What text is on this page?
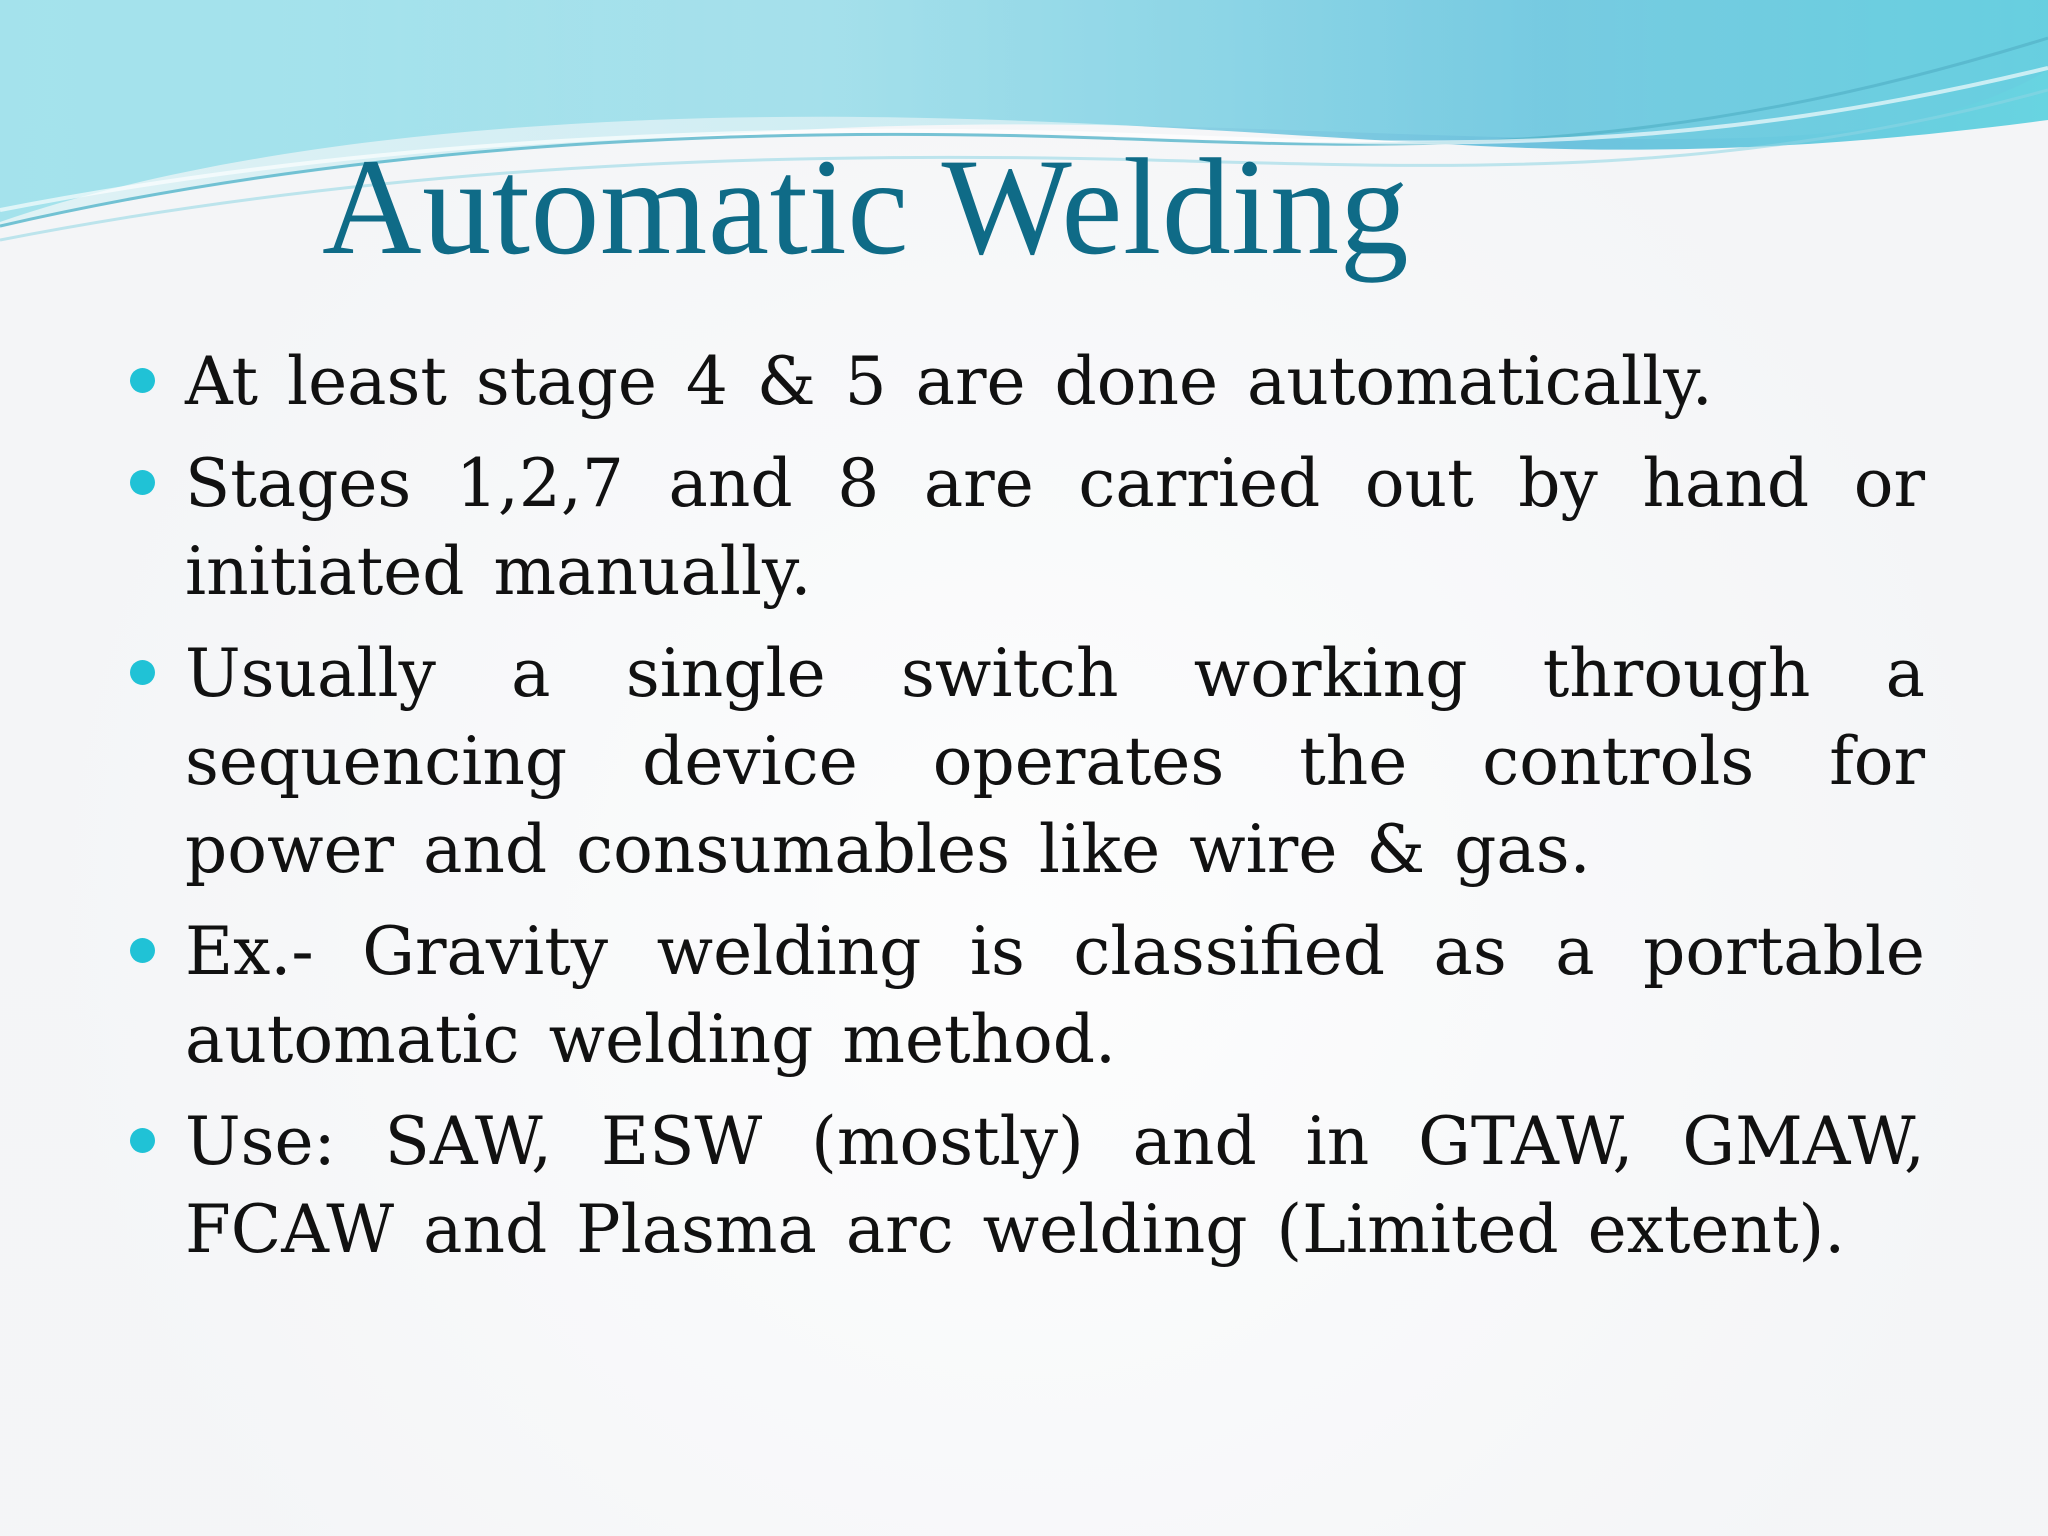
Automatic Welding
At least stage 4 & 5 are done automatically.
Stages 1,2,7 and 8 are carried out by hand or initiated manually.
Usually a single switch working through a sequencing device operates the controls for power and consumables like wire & gas.
Ex.- Gravity welding is classified as a portable automatic welding method.
Use: SAW, ESW (mostly) and in GTAW, GMAW, FCAW and Plasma arc welding (Limited extent).
